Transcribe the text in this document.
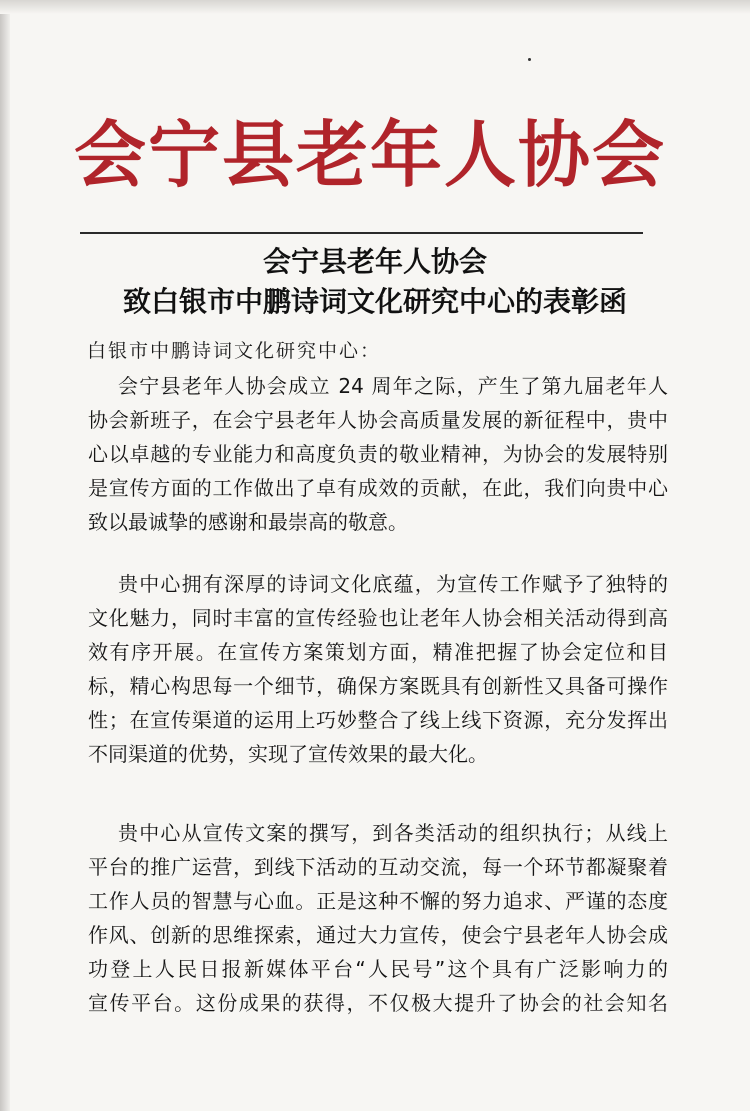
会宁县老年人协会
会宁县老年人协会
致白银市中鹏诗词文化研究中心的表彰函
白银市中鹏诗词文化研究中心：
会宁县老年人协会成立 24 周年之际，产生了第九届老年人
协会新班子，在会宁县老年人协会高质量发展的新征程中，贵中
心以卓越的专业能力和高度负责的敬业精神，为协会的发展特别
是宣传方面的工作做出了卓有成效的贡献，在此，我们向贵中心
致以最诚挚的感谢和最崇高的敬意。
贵中心拥有深厚的诗词文化底蕴，为宣传工作赋予了独特的
文化魅力，同时丰富的宣传经验也让老年人协会相关活动得到高
效有序开展。在宣传方案策划方面，精准把握了协会定位和目
标，精心构思每一个细节，确保方案既具有创新性又具备可操作
性；在宣传渠道的运用上巧妙整合了线上线下资源，充分发挥出
不同渠道的优势，实现了宣传效果的最大化。
贵中心从宣传文案的撰写，到各类活动的组织执行；从线上
平台的推广运营，到线下活动的互动交流，每一个环节都凝聚着
工作人员的智慧与心血。正是这种不懈的努力追求、严谨的态度
作风、创新的思维探索，通过大力宣传，使会宁县老年人协会成
功登上人民日报新媒体平台“人民号”这个具有广泛影响力的
宣传平台。这份成果的获得，不仅极大提升了协会的社会知名
